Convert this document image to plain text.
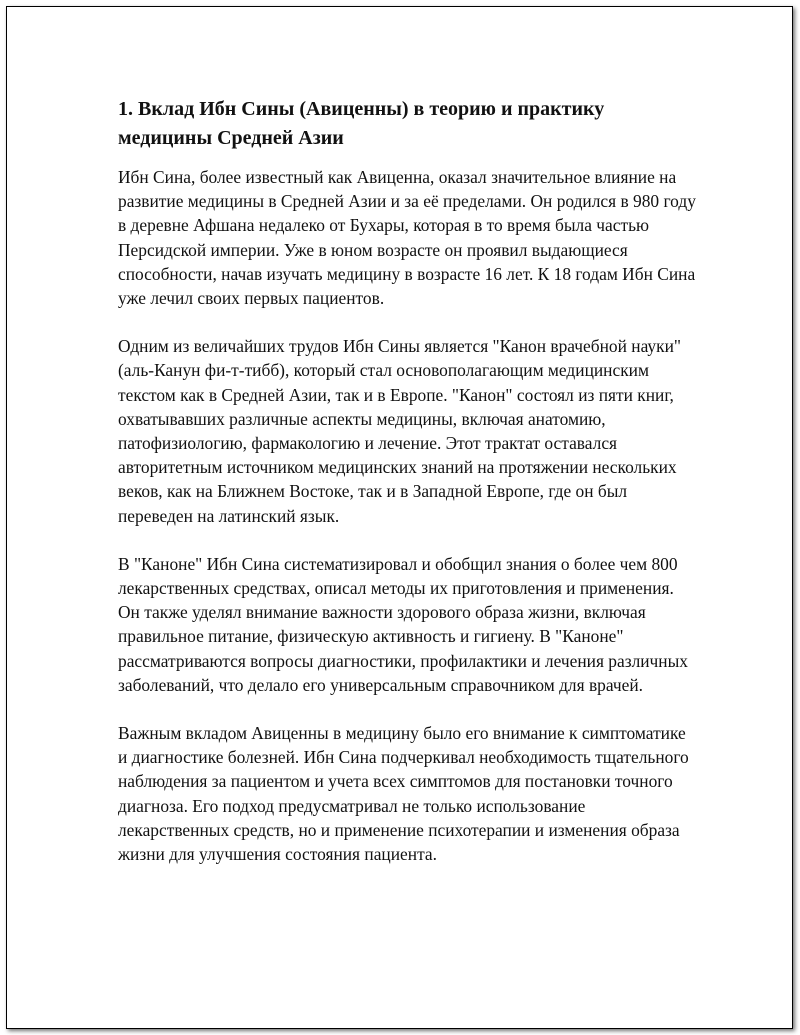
1. Вклад Ибн Сины (Авиценны) в теорию и практику медицины Средней Азии

Ибн Сина, более известный как Авиценна, оказал значительное влияние на развитие медицины в Средней Азии и за её пределами. Он родился в 980 году в деревне Афшана недалеко от Бухары, которая в то время была частью Персидской империи. Уже в юном возрасте он проявил выдающиеся способности, начав изучать медицину в возрасте 16 лет. К 18 годам Ибн Сина уже лечил своих первых пациентов.

Одним из величайших трудов Ибн Сины является "Канон врачебной науки" (аль-Канун фи-т-тибб), который стал основополагающим медицинским текстом как в Средней Азии, так и в Европе. "Канон" состоял из пяти книг, охватывавших различные аспекты медицины, включая анатомию, патофизиологию, фармакологию и лечение. Этот трактат оставался авторитетным источником медицинских знаний на протяжении нескольких веков, как на Ближнем Востоке, так и в Западной Европе, где он был переведен на латинский язык.

В "Каноне" Ибн Сина систематизировал и обобщил знания о более чем 800 лекарственных средствах, описал методы их приготовления и применения. Он также уделял внимание важности здорового образа жизни, включая правильное питание, физическую активность и гигиену. В "Каноне" рассматриваются вопросы диагностики, профилактики и лечения различных заболеваний, что делало его универсальным справочником для врачей.

Важным вкладом Авиценны в медицину было его внимание к симптоматике и диагностике болезней. Ибн Сина подчеркивал необходимость тщательного наблюдения за пациентом и учета всех симптомов для постановки точного диагноза. Его подход предусматривал не только использование лекарственных средств, но и применение психотерапии и изменения образа жизни для улучшения состояния пациента.
